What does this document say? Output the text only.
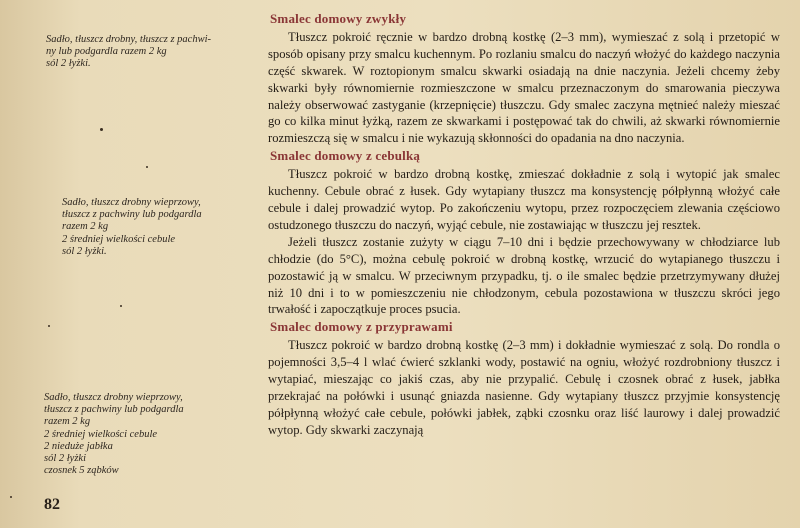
Sadło, tłuszcz drobny, tłuszcz z pachwi-
ny lub podgardla razem 2 kg
sól 2 łyżki.
Sadło, tłuszcz drobny wieprzowy,
tłuszcz z pachwiny lub podgardla
razem 2 kg
2 średniej wielkości cebule
sól 2 łyżki.
Sadło, tłuszcz drobny wieprzowy,
tłuszcz z pachwiny lub podgardla
razem 2 kg
2 średniej wielkości cebule
2 nieduże jabłka
sól 2 łyżki
czosnek 5 ząbków
Smalec domowy zwykły

Tłuszcz pokroić ręcznie w bardzo drobną kostkę (2–3 mm), wymieszać z solą i przetopić w sposób opisany przy smalcu kuchennym. Po rozlaniu smalcu do naczyń włożyć do każdego naczynia część skwarek. W roztopionym smalcu skwarki osiadają na dnie naczynia. Jeżeli chcemy żeby skwarki były równomiernie rozmieszczone w smalcu przeznaczonym do smarowania pieczywa należy obserwować zastyganie (krzepnięcie) tłuszczu. Gdy smalec zaczyna mętnieć należy mieszać go co kilka minut łyżką, razem ze skwarkami i postępować tak do chwili, aż skwarki równomiernie rozmieszczą się w smalcu i nie wykazują skłonności do opadania na dno naczynia.

Smalec domowy z cebulką

Tłuszcz pokroić w bardzo drobną kostkę, zmieszać dokładnie z solą i wytopić jak smalec kuchenny. Cebule obrać z łusek. Gdy wytapiany tłuszcz ma konsystencję półpłynną włożyć całe cebule i dalej prowadzić wytop. Po zakończeniu wytopu, przez rozpoczęciem zlewania częściowo ostudzonego tłuszczu do naczyń, wyjąć cebule, nie zostawiając w tłuszczu jej resztek.

Jeżeli tłuszcz zostanie zużyty w ciągu 7–10 dni i będzie przechowywany w chłodziarce lub chłodzie (do 5°C), można cebulę pokroić w drobną kostkę, wrzucić do wytapianego tłuszczu i pozostawić ją w smalcu. W przeciwnym przypadku, tj. o ile smalec będzie przetrzymywany dłużej niż 10 dni i to w pomieszczeniu nie chłodzonym, cebula pozostawiona w tłuszczu skróci jego trwałość i zapoczątkuje proces psucia.

Smalec domowy z przyprawami

Tłuszcz pokroić w bardzo drobną kostkę (2–3 mm) i dokładnie wymieszać z solą. Do rondla o pojemności 3,5–4 l wlać ćwierć szklanki wody, postawić na ogniu, włożyć rozdrobniony tłuszcz i wytapiać, mieszając co jakiś czas, aby nie przypalić. Cebulę i czosnek obrać z łusek, jabłka przekrajać na połówki i usunąć gniazda nasienne. Gdy wytapiany tłuszcz przyjmie konsystencję półpłynną włożyć całe cebule, połówki jabłek, ząbki czosnku oraz liść laurowy i dalej prowadzić wytop. Gdy skwarki zaczynają

82
